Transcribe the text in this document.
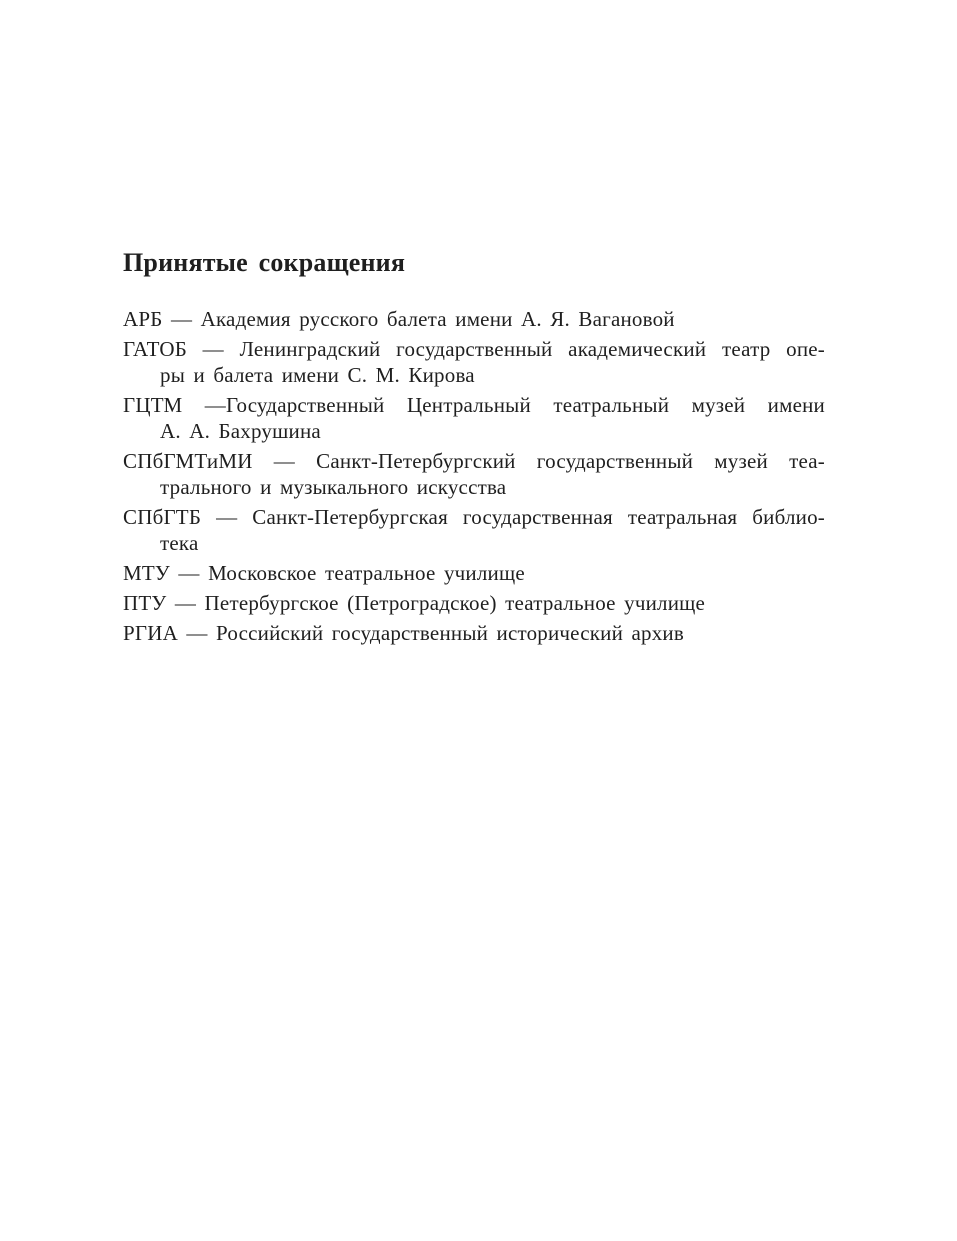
Принятые сокращения

АРБ — Академия русского балета имени А. Я. Вагановой

ГАТОБ — Ленинградский государственный академический театр опе-
ры и балета имени С. М. Кирова

ГЦТМ —Государственный Центральный театральный музей имени
А. А. Бахрушина

СПбГМТиМИ — Санкт-Петербургский государственный музей теа-
трального и музыкального искусства

СПбГТБ — Санкт-Петербургская государственная театральная библио-
тека

МТУ — Московское театральное училище

ПТУ — Петербургское (Петроградское) театральное училище

РГИА — Российский государственный исторический архив
